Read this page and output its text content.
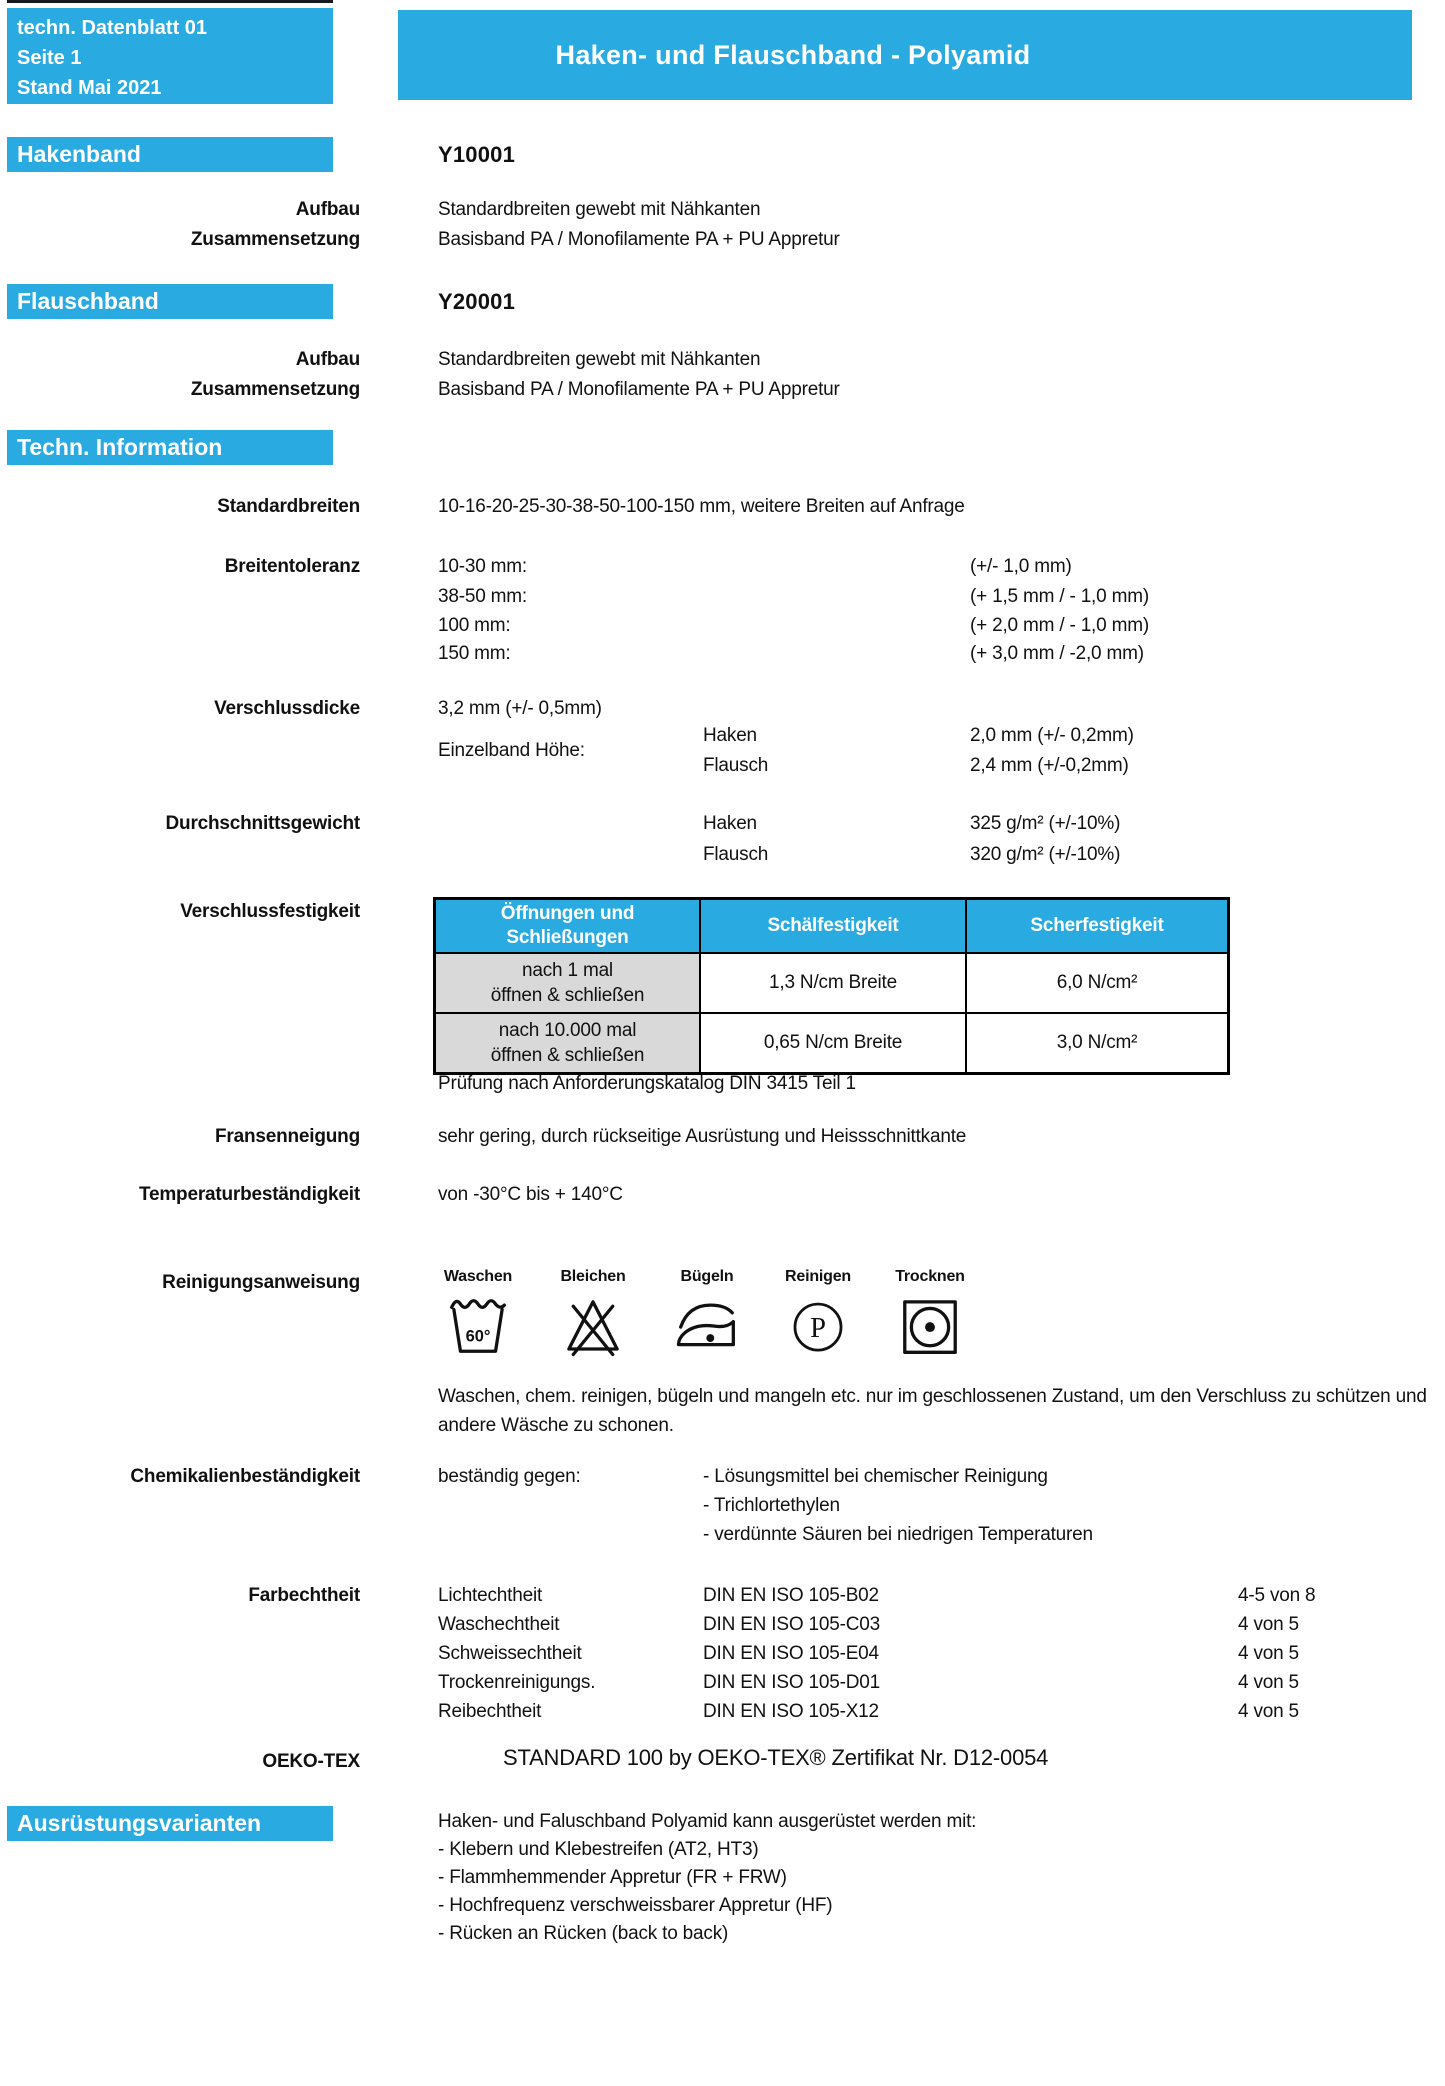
techn. Datenblatt 01
Seite 1
Stand Mai 2021
Haken- und Flauschband - Polyamid
Hakenband	Y10001
Aufbau	Standardbreiten gewebt mit Nähkanten
Zusammensetzung	Basisband PA / Monofilamente PA + PU Appretur
Flauschband	Y20001
Aufbau	Standardbreiten gewebt mit Nähkanten
Zusammensetzung	Basisband PA / Monofilamente PA + PU Appretur
Techn. Information
Standardbreiten	10-16-20-25-30-38-50-100-150 mm, weitere Breiten auf Anfrage
Breitentoleranz	10-30 mm:	(+/- 1,0 mm)
38-50 mm:	(+ 1,5 mm / - 1,0 mm)
100 mm:	(+ 2,0 mm / - 1,0 mm)
150 mm:	(+ 3,0 mm / -2,0 mm)
Verschlussdicke	3,2 mm (+/- 0,5mm)
Einzelband Höhe:
Haken	2,0 mm (+/- 0,2mm)
Flausch	2,4 mm (+/-0,2mm)
Durchschnittsgewicht	Haken	325 g/m² (+/-10%)
Flausch	320 g/m² (+/-10%)
Verschlussfestigkeit	Öffnungen und
Schließungen	Schälfestigkeit	Scherfestigkeit

nach 1 mal
öffnen & schließen	1,3 N/cm Breite	6,0 N/cm²

nach 10.000 mal
öffnen & schließen	0,65 N/cm Breite	3,0 N/cm²
Prüfung nach Anforderungskatalog DIN 3415 Teil 1
Fransenneigung	sehr gering, durch rückseitige Ausrüstung und Heissschnittkante
Temperaturbeständigkeit	von -30°C bis + 140°C
Reinigungsanweisung	Waschen
60°
Bleichen	Bügeln	Reinigen
P
Trocknen
Waschen, chem. reinigen, bügeln und mangeln etc. nur im geschlossenen Zustand, um den Verschluss zu schützen und andere Wäsche zu schonen.
Chemikalienbeständigkeit	beständig gegen:	- Lösungsmittel bei chemischer Reinigung
- Trichlortethylen
- verdünnte Säuren bei niedrigen Temperaturen
Farbechtheit	Lichtechtheit	DIN EN ISO 105-B02	4-5 von 8
Waschechtheit	DIN EN ISO 105-C03	4 von 5
Schweissechtheit	DIN EN ISO 105-E04	4 von 5
Trockenreinigungs.	DIN EN ISO 105-D01	4 von 5
Reibechtheit	DIN EN ISO 105-X12	4 von 5
OEKO-TEX	STANDARD 100 by OEKO-TEX® Zertifikat Nr. D12-0054
Ausrüstungsvarianten	Haken- und Faluschband Polyamid kann ausgerüstet werden mit:
- Klebern und Klebestreifen (AT2, HT3)
- Flammhemmender Appretur (FR + FRW)
- Hochfrequenz verschweissbarer Appretur (HF)
- Rücken an Rücken (back to back)
